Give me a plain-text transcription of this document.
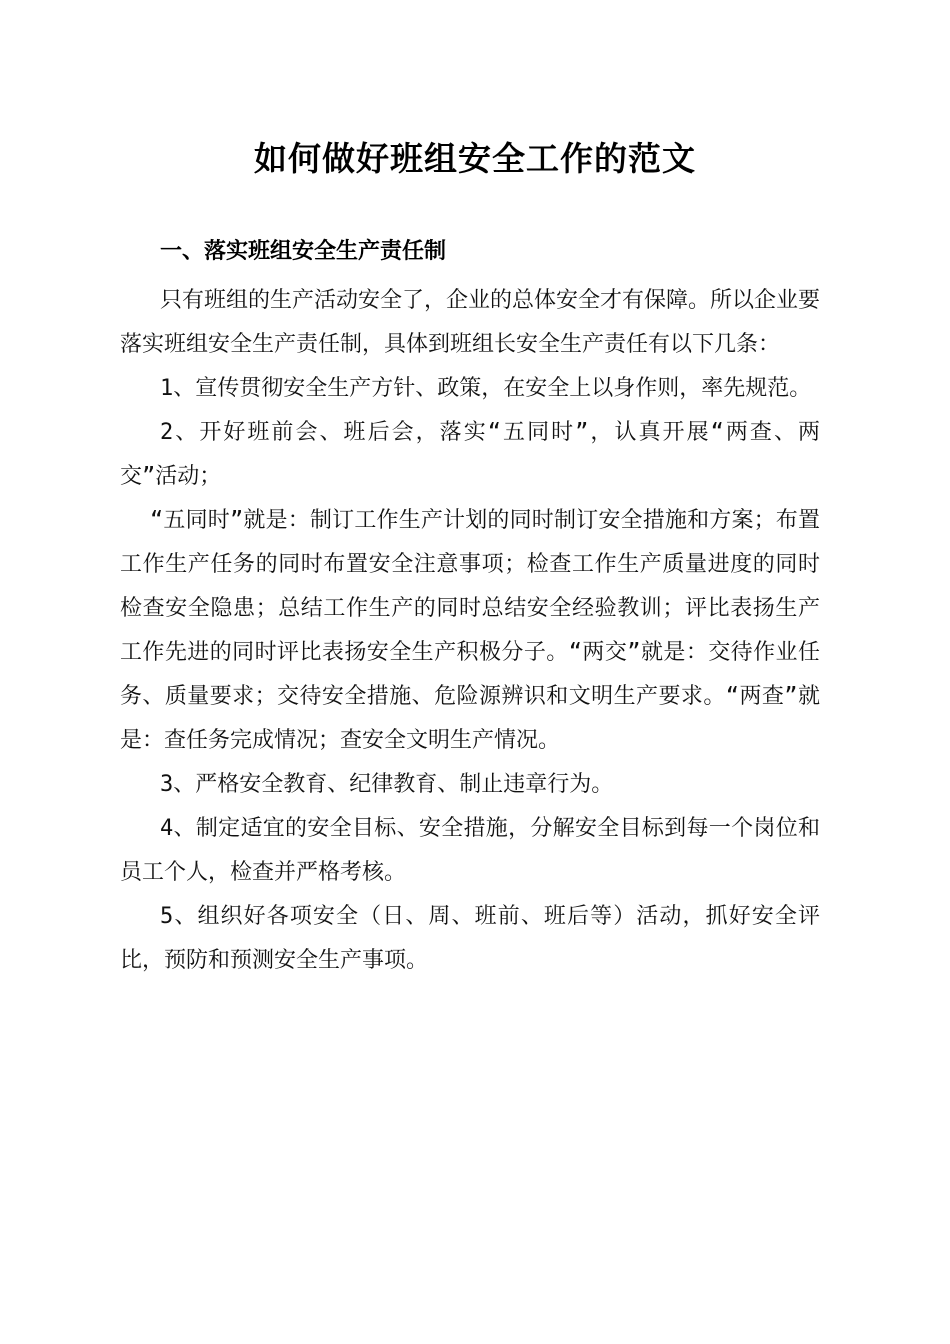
如何做好班组安全工作的范文
一、落实班组安全生产责任制

只有班组的生产活动安全了，企业的总体安全才有保障。所以企业要落实班组安全生产责任制，具体到班组长安全生产责任有以下几条：

1、宣传贯彻安全生产方针、政策，在安全上以身作则，率先规范。

2、开好班前会、班后会，落实“五同时”，认真开展“两查、两交”活动；

“五同时”就是：制订工作生产计划的同时制订安全措施和方案；布置工作生产任务的同时布置安全注意事项；检查工作生产质量进度的同时检查安全隐患；总结工作生产的同时总结安全经验教训；评比表扬生产工作先进的同时评比表扬安全生产积极分子。“两交”就是：交待作业任务、质量要求；交待安全措施、危险源辨识和文明生产要求。“两查”就是：查任务完成情况；查安全文明生产情况。

3、严格安全教育、纪律教育、制止违章行为。

4、制定适宜的安全目标、安全措施，分解安全目标到每一个岗位和员工个人，检查并严格考核。

5、组织好各项安全（日、周、班前、班后等）活动，抓好安全评比，预防和预测安全生产事项。
